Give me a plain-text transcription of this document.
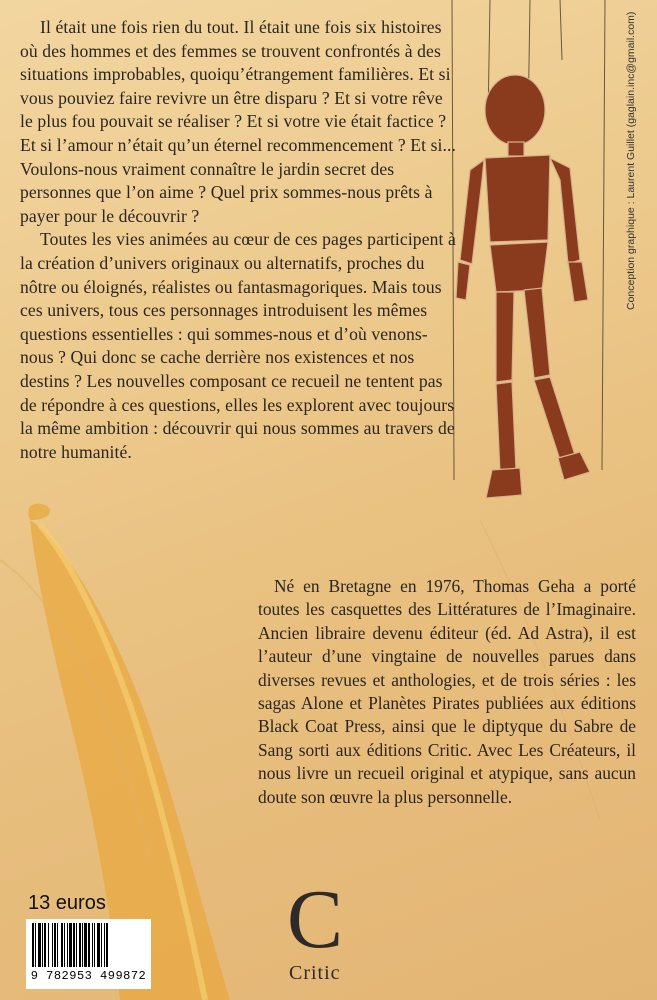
Il était une fois rien du tout. Il était une fois six histoires où des hommes et des femmes se trouvent confrontés à des situations improbables, quoiqu’étrangement familières. Et si vous pouviez faire revivre un être disparu ? Et si votre rêve le plus fou pouvait se réaliser ? Et si votre vie était factice ? Et si l’amour n’était qu’un éternel recommencement ? Et si... Voulons-nous vraiment connaître le jardin secret des personnes que l’on aime ? Quel prix sommes-nous prêts à payer pour le découvrir ?

Toutes les vies animées au cœur de ces pages participent à la création d’univers originaux ou alternatifs, proches du nôtre ou éloignés, réalistes ou fantasmagoriques. Mais tous ces univers, tous ces personnages introduisent les mêmes questions essentielles : qui sommes-nous et d’où venons-nous ? Qui donc se cache derrière nos existences et nos destins ? Les nouvelles composant ce recueil ne tentent pas de répondre à ces questions, elles les explorent avec toujours la même ambition : découvrir qui nous sommes au travers de notre humanité.

Né en Bretagne en 1976, Thomas Geha a porté toutes les casquettes des Littératures de l’Imaginaire. Ancien libraire devenu éditeur (éd. Ad Astra), il est l’auteur d’une vingtaine de nouvelles parues dans diverses revues et anthologies, et de trois séries : les sagas Alone et Planètes Pirates publiées aux éditions Black Coat Press, ainsi que le diptyque du Sabre de Sang sorti aux éditions Critic. Avec Les Créateurs, il nous livre un recueil original et atypique, sans aucun doute son œuvre la plus personnelle.

Conception graphique : Laurent Guillet (gaglain.inc@gmail.com)
13 euros
9 782953 499872
C
Critic
